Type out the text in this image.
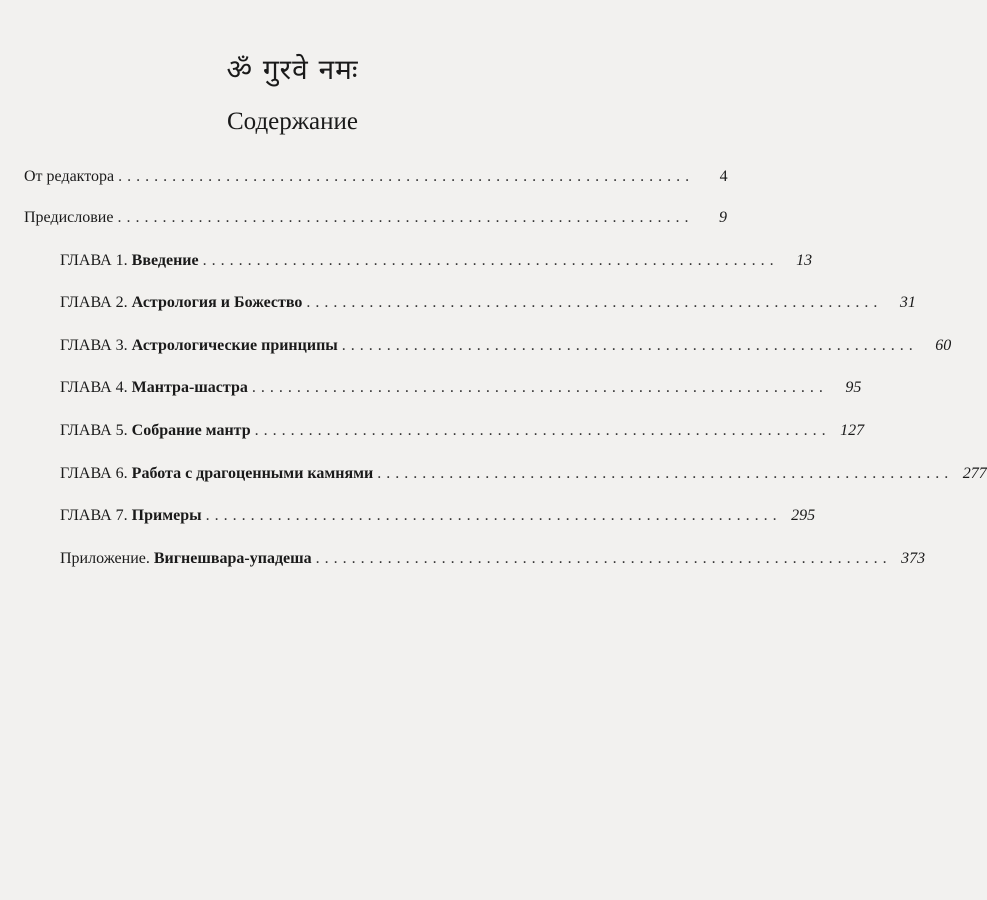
ॐ गुरवे नमः
Содержание
От редактора . . . . . . . . . . . . . . . . . . . . . . . . . . . . . . . . . . . . . . . . . . . . . . . . . . . . . . . . . . . . . . . .	4
Предисловие . . . . . . . . . . . . . . . . . . . . . . . . . . . . . . . . . . . . . . . . . . . . . . . . . . . . . . . . . . . . . . . .	9
ГЛАВА 1. Введение . . . . . . . . . . . . . . . . . . . . . . . . . . . . . . . . . . . . . . . . . . . . . . . . . . . . . . . . . . . . . . . .	13
ГЛАВА 2. Астрология и Божество . . . . . . . . . . . . . . . . . . . . . . . . . . . . . . . . . . . . . . . . . . . . . . . . . . . . . . . . . . . . . . . .	31
ГЛАВА 3. Астрологические принципы . . . . . . . . . . . . . . . . . . . . . . . . . . . . . . . . . . . . . . . . . . . . . . . . . . . . . . . . . . . . . . . .	60
ГЛАВА 4. Мантра-шастра . . . . . . . . . . . . . . . . . . . . . . . . . . . . . . . . . . . . . . . . . . . . . . . . . . . . . . . . . . . . . . . .	95
ГЛАВА 5. Собрание мантр . . . . . . . . . . . . . . . . . . . . . . . . . . . . . . . . . . . . . . . . . . . . . . . . . . . . . . . . . . . . . . . . 127
ГЛАВА 6. Работа с драгоценными камнями . . . . . . . . . . . . . . . . . . . . . . . . . . . . . . . . . . . . . . . . . . . . . . . . . . . . . . . . . . . . . . . . 277
ГЛАВА 7. Примеры . . . . . . . . . . . . . . . . . . . . . . . . . . . . . . . . . . . . . . . . . . . . . . . . . . . . . . . . . . . . . . . . 295
Приложение. Вигнешвара-упадеша . . . . . . . . . . . . . . . . . . . . . . . . . . . . . . . . . . . . . . . . . . . . . . . . . . . . . . . . . . . . . . . . 373
